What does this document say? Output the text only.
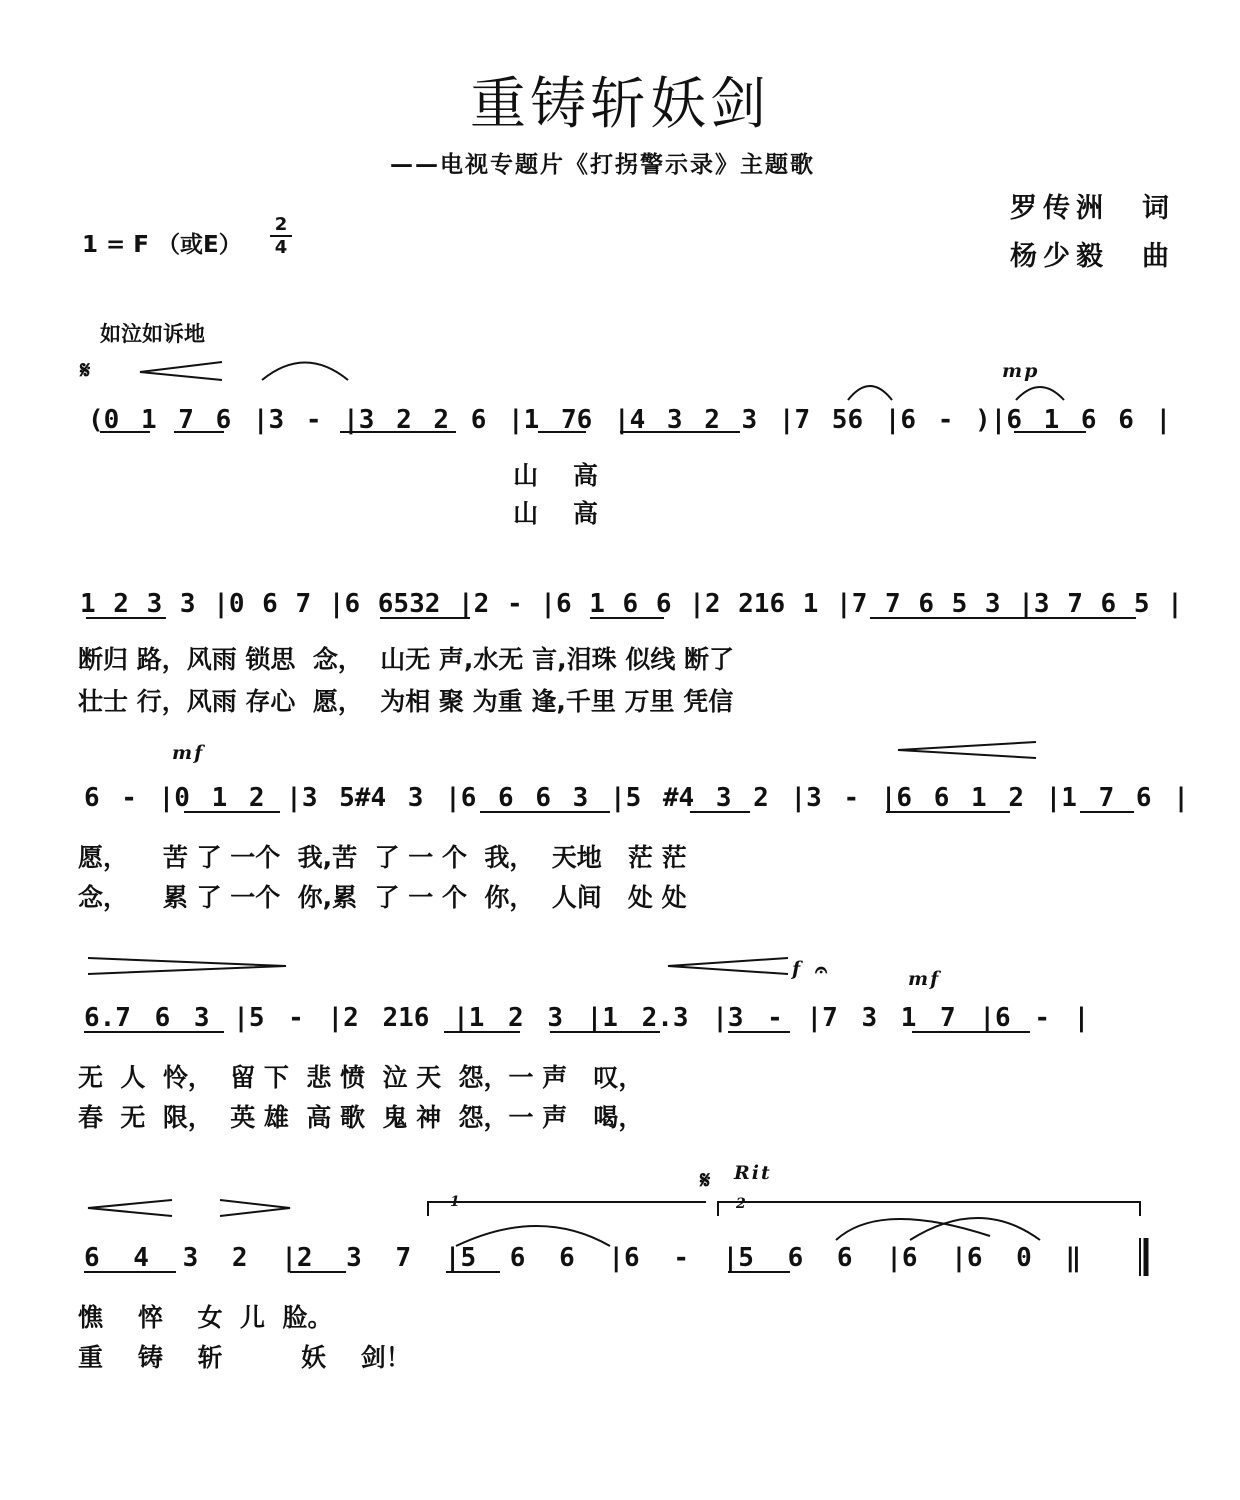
重铸斩妖剑
——电视专题片《打拐警示录》主题歌
罗传洲　词
杨少毅　曲
1 = F （或E）
2
4
如泣如诉地
mp
mf
f	mf
Rit
1	2
𝄋
𝄋
𝄐
(0 1 7 6 |3 - |3 2 2 6 |1 76 |4 3 2 3 |7 56 |6 - )|6 1 6 6 |
山    高
山    高
1 2 3 3 |0 6 7 |6 6532 |2 - |6 1 6 6 |2 216 1 |7 7 6 5 3 |3 7 6 5 |
断归 路，风雨 锁思  念，  山无 声,水无 言,泪珠 似线 断了
壮士 行，风雨 存心  愿，  为相 聚 为重 逢,千里 万里 凭信
6 - |0 1 2 |3 5#4 3 |6 6 6 3 |5 #4 3 2 |3 - |6 6 1 2 |1 7 6 |
愿，    苦 了 一个  我,苦  了 一 个  我，  天地   茫 茫
念，    累 了 一个  你,累  了 一 个  你，  人间   处 处
6.7 6 3 |5 - |2 216 |1 2 3 |1 2.3 |3 - |7 3 1 7 |6 - |
无  人  怜，  留 下  悲 愤  泣 天  怨，一 声   叹，
春  无  限，  英 雄  高 歌  鬼 神  怨，一 声   喝，
6 4 3 2 |2 3 7 |5 6 6 |6 - |5 6 6 |6 |6 0 ‖
憔    悴    女  儿  脸。
重    铸    斩         妖    剑！
